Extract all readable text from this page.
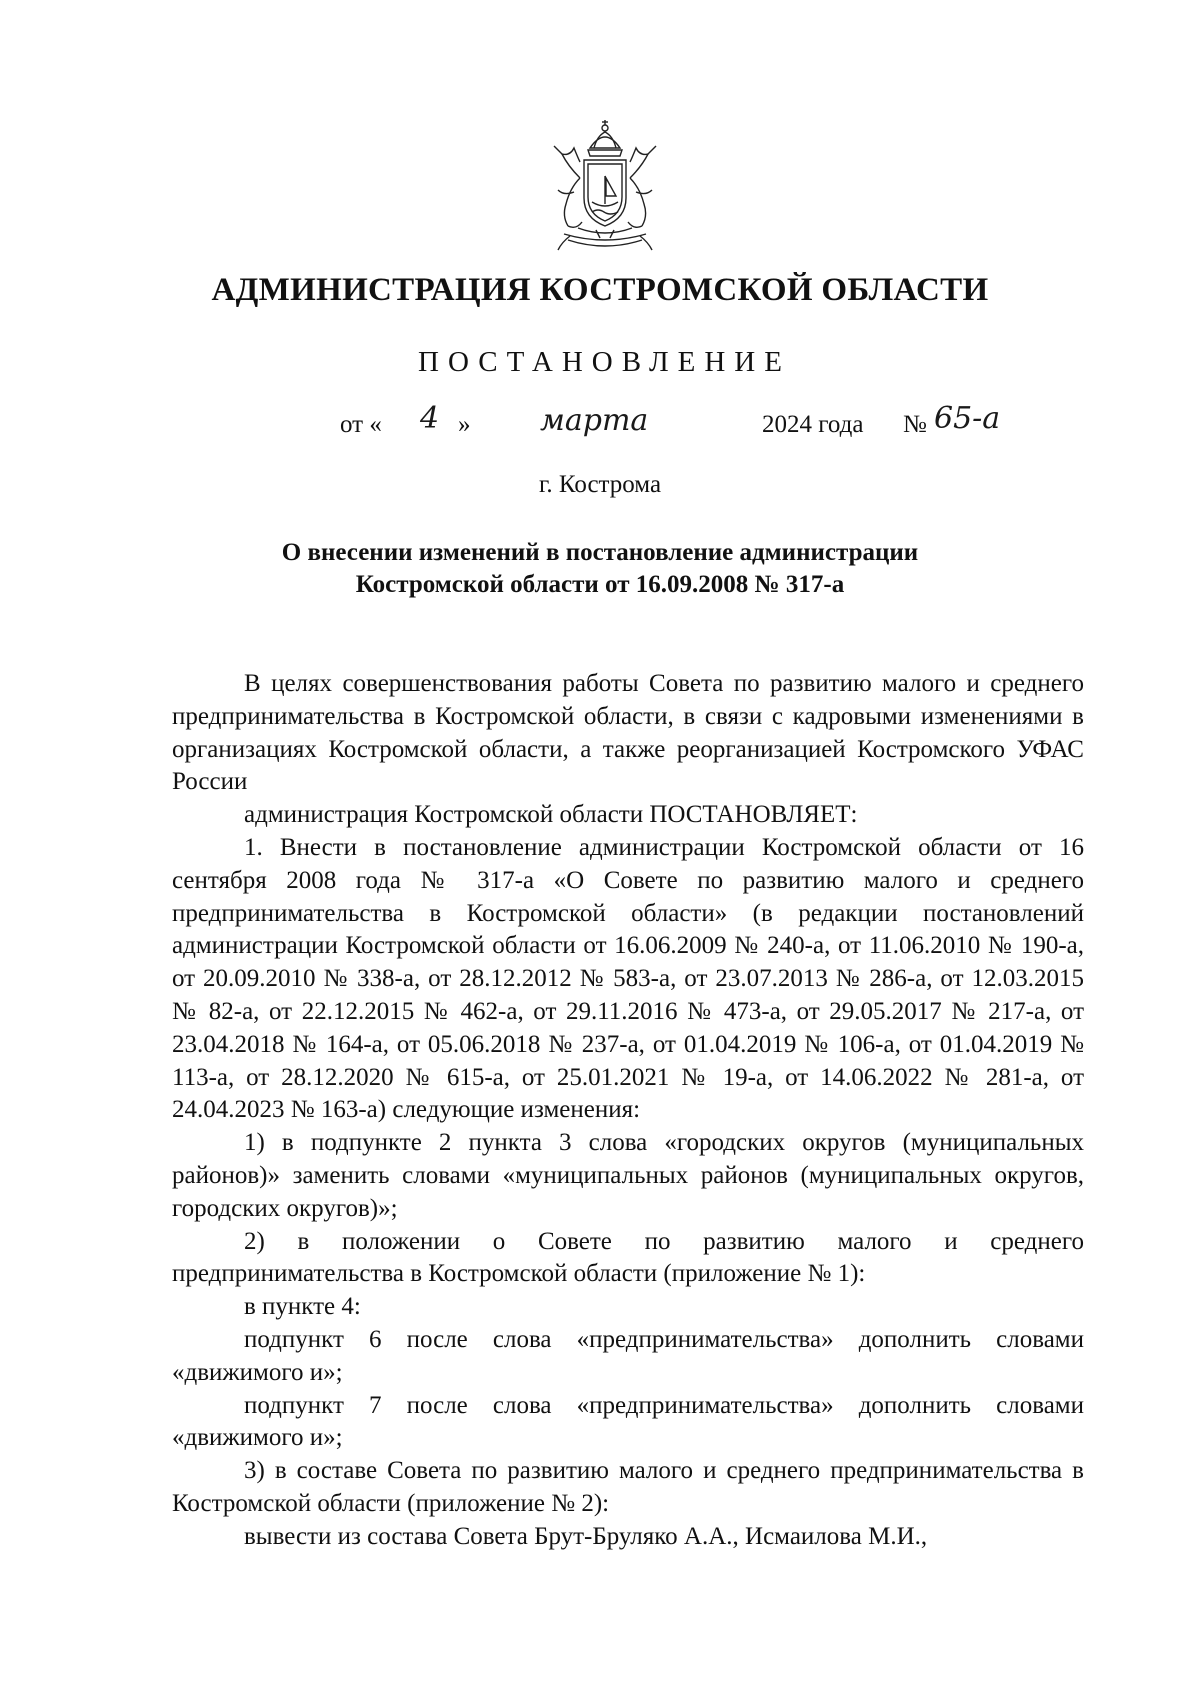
АДМИНИСТРАЦИЯ КОСТРОМСКОЙ ОБЛАСТИ
ПОСТАНОВЛЕНИЕ
от « 4 » марта	2024 года № 65-а
г. Кострома
О внесении изменений в постановление администрации
Костромской области от 16.09.2008 № 317-а

В целях совершенствования работы Совета по развитию малого и среднего предпринимательства в Костромской области, в связи с кадровыми изменениями в организациях Костромской области, а также реорганизацией Костромского УФАС России

администрация Костромской области ПОСТАНОВЛЯЕТ:

1. Внести в постановление администрации Костромской области от 16 сентября 2008 года № 317-а «О Совете по развитию малого и среднего предпринимательства в Костромской области» (в редакции постановлений администрации Костромской области от 16.06.2009 № 240-а, от 11.06.2010 № 190-а, от 20.09.2010 № 338-а, от 28.12.2012 № 583-а, от 23.07.2013 № 286-а, от 12.03.2015 № 82-а, от 22.12.2015 № 462-а, от 29.11.2016 № 473-а, от 29.05.2017 № 217-а, от 23.04.2018 № 164-а, от 05.06.2018 № 237-а, от 01.04.2019 № 106-а, от 01.04.2019 № 113-а, от 28.12.2020 № 615-а, от 25.01.2021 № 19-а, от 14.06.2022 № 281-а, от 24.04.2023 № 163-а) следующие изменения:

1) в подпункте 2 пункта 3 слова «городских округов (муниципальных районов)» заменить словами «муниципальных районов (муниципальных округов, городских округов)»;

2) в положении о Совете по развитию малого и среднего предпринимательства в Костромской области (приложение № 1):

в пункте 4:

подпункт 6 после слова «предпринимательства» дополнить словами «движимого и»;

подпункт 7 после слова «предпринимательства» дополнить словами «движимого и»;

3) в составе Совета по развитию малого и среднего предпринимательства в Костромской области (приложение № 2):

вывести из состава Совета Брут-Бруляко А.А., Исмаилова М.И.,
